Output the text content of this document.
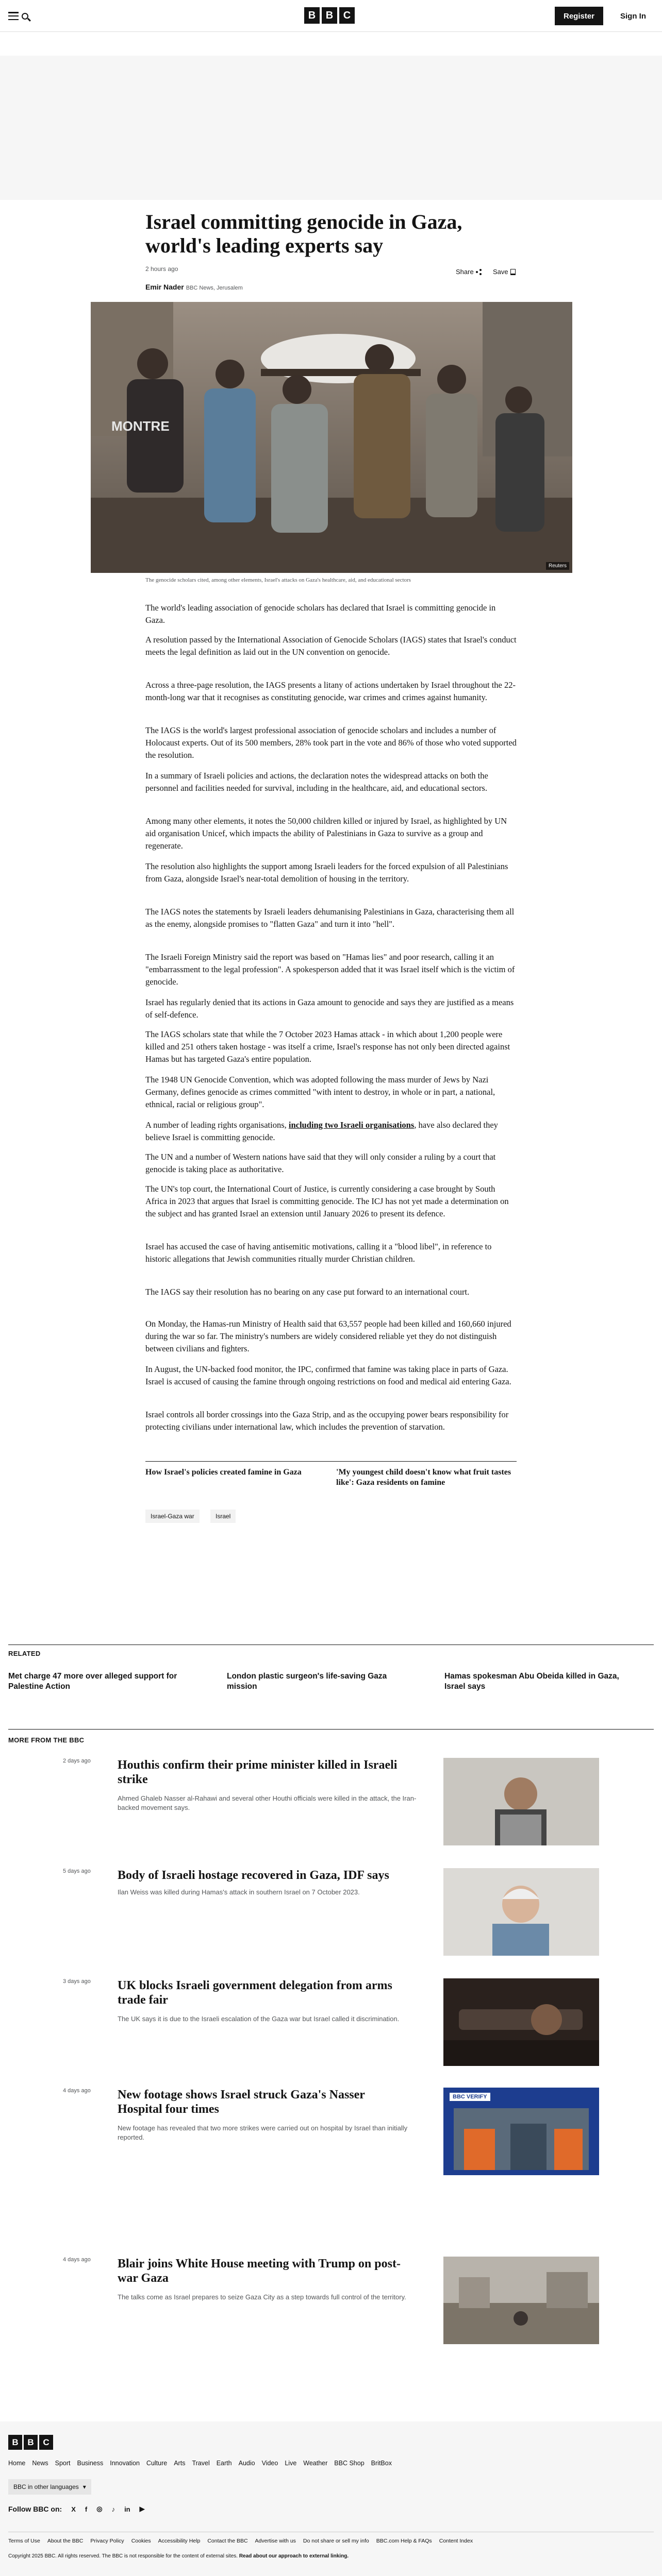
B B C	Register	Sign In
Israel committing genocide in Gaza, world's leading experts say
2 hours ago
Emir Nader BBC News, Jerusalem
Share	Save
MONTRE
Reuters
The genocide scholars cited, among other elements, Israel's attacks on Gaza's healthcare, aid, and educational sectors

The world's leading association of genocide scholars has declared that Israel is committing genocide in Gaza.

A resolution passed by the International Association of Genocide Scholars (IAGS) states that Israel's conduct meets the legal definition as laid out in the UN convention on genocide.

Across a three-page resolution, the IAGS presents a litany of actions undertaken by Israel throughout the 22-month-long war that it recognises as constituting genocide, war crimes and crimes against humanity.

The IAGS is the world's largest professional association of genocide scholars and includes a number of Holocaust experts. Out of its 500 members, 28% took part in the vote and 86% of those who voted supported the resolution.

In a summary of Israeli policies and actions, the declaration notes the widespread attacks on both the personnel and facilities needed for survival, including in the healthcare, aid, and educational sectors.

Among many other elements, it notes the 50,000 children killed or injured by Israel, as highlighted by UN aid organisation Unicef, which impacts the ability of Palestinians in Gaza to survive as a group and regenerate.

The resolution also highlights the support among Israeli leaders for the forced expulsion of all Palestinians from Gaza, alongside Israel's near-total demolition of housing in the territory.

The IAGS notes the statements by Israeli leaders dehumanising Palestinians in Gaza, characterising them all as the enemy, alongside promises to "flatten Gaza" and turn it into "hell".

The Israeli Foreign Ministry said the report was based on "Hamas lies" and poor research, calling it an "embarrassment to the legal profession". A spokesperson added that it was Israel itself which is the victim of genocide.

Israel has regularly denied that its actions in Gaza amount to genocide and says they are justified as a means of self-defence.

The IAGS scholars state that while the 7 October 2023 Hamas attack - in which about 1,200 people were killed and 251 others taken hostage - was itself a crime, Israel's response has not only been directed against Hamas but has targeted Gaza's entire population.

The 1948 UN Genocide Convention, which was adopted following the mass murder of Jews by Nazi Germany, defines genocide as crimes committed "with intent to destroy, in whole or in part, a national, ethnical, racial or religious group".

A number of leading rights organisations, including two Israeli organisations, have also declared they believe Israel is committing genocide.

The UN and a number of Western nations have said that they will only consider a ruling by a court that genocide is taking place as authoritative.

The UN's top court, the International Court of Justice, is currently considering a case brought by South Africa in 2023 that argues that Israel is committing genocide. The ICJ has not yet made a determination on the subject and has granted Israel an extension until January 2026 to present its defence.

Israel has accused the case of having antisemitic motivations, calling it a "blood libel", in reference to historic allegations that Jewish communities ritually murder Christian children.

The IAGS say their resolution has no bearing on any case put forward to an international court.

On Monday, the Hamas-run Ministry of Health said that 63,557 people had been killed and 160,660 injured during the war so far. The ministry's numbers are widely considered reliable yet they do not distinguish between civilians and fighters.

In August, the UN-backed food monitor, the IPC, confirmed that famine was taking place in parts of Gaza. Israel is accused of causing the famine through ongoing restrictions on food and medical aid entering Gaza.

Israel controls all border crossings into the Gaza Strip, and as the occupying power bears responsibility for protecting civilians under international law, which includes the prevention of starvation.

How Israel's policies created famine in Gaza	'My youngest child doesn't know what fruit tastes like': Gaza residents on famine
Israel-Gaza war	Israel
RELATED
Met charge 47 more over alleged support for Palestine Action
London plastic surgeon's life-saving Gaza mission
Hamas spokesman Abu Obeida killed in Gaza, Israel says
MORE FROM THE BBC
2 days ago Houthis confirm their prime minister killed in Israeli strike
Ahmed Ghaleb Nasser al-Rahawi and several other Houthi officials were killed in the attack, the Iran-backed movement says.
5 days ago Body of Israeli hostage recovered in Gaza, IDF says
Ilan Weiss was killed during Hamas's attack in southern Israel on 7 October 2023.
3 days ago UK blocks Israeli government delegation from arms trade fair
The UK says it is due to the Israeli escalation of the Gaza war but Israel called it discrimination.
4 days ago New footage shows Israel struck Gaza's Nasser Hospital four times
New footage has revealed that two more strikes were carried out on hospital by Israel than initially reported.
BBC VERIFY
4 days ago Blair joins White House meeting with Trump on post-war Gaza
The talks come as Israel prepares to seize Gaza City as a step towards full control of the territory.
B	B	C
Home News Sport Business Innovation Culture Arts Travel Earth Audio Video Live Weather BBC Shop BritBox
BBC in other languages ▾
Follow BBC on: X f ◎ ♪ in ▶
Terms of Use About the BBC Privacy Policy Cookies Accessibility Help Contact the BBC Advertise with us Do not share or sell my info BBC.com Help & FAQs Content Index
Copyright 2025 BBC. All rights reserved. The BBC is not responsible for the content of external sites. Read about our approach to external linking.
